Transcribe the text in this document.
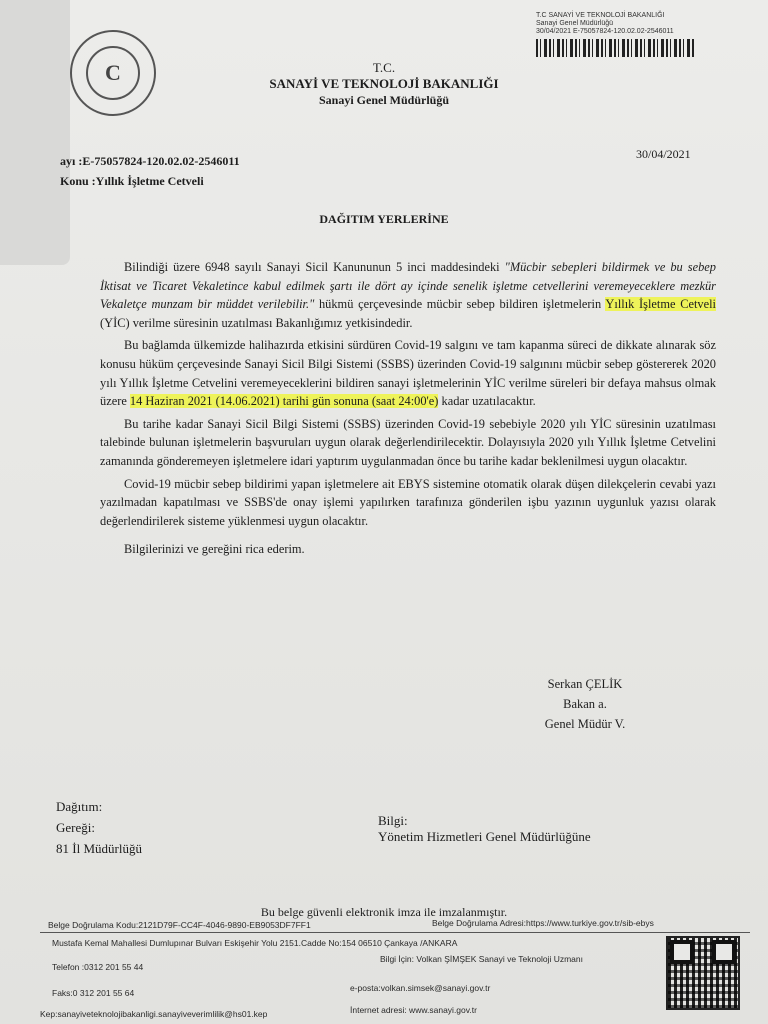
C
T.C SANAYİ VE TEKNOLOJİ BAKANLIĞI
Sanayi Genel Müdürlüğü
30/04/2021 E-75057824-120.02.02-2546011
T.C.
SANAYİ VE TEKNOLOJİ BAKANLIĞI
Sanayi Genel Müdürlüğü
30/04/2021
ayı :E-75057824-120.02.02-2546011
Konu :Yıllık İşletme Cetveli
DAĞITIM YERLERİNE

Bilindiği üzere 6948 sayılı Sanayi Sicil Kanununun 5 inci maddesindeki "Mücbir sebepleri bildirmek ve bu sebep İktisat ve Ticaret Vekaletince kabul edilmek şartı ile dört ay içinde senelik işletme cetvellerini veremeyeceklere mezkür Vekaletçe munzam bir müddet verilebilir." hükmü çerçevesinde mücbir sebep bildiren işletmelerin Yıllık İşletme Cetveli (YİC) verilme süresinin uzatılması Bakanlığımız yetkisindedir.

Bu bağlamda ülkemizde halihazırda etkisini sürdüren Covid-19 salgını ve tam kapanma süreci de dikkate alınarak söz konusu hüküm çerçevesinde Sanayi Sicil Bilgi Sistemi (SSBS) üzerinden Covid-19 salgınını mücbir sebep göstererek 2020 yılı Yıllık İşletme Cetvelini veremeyeceklerini bildiren sanayi işletmelerinin YİC verilme süreleri bir defaya mahsus olmak üzere 14 Haziran 2021 (14.06.2021) tarihi gün sonuna (saat 24:00'e) kadar uzatılacaktır.

Bu tarihe kadar Sanayi Sicil Bilgi Sistemi (SSBS) üzerinden Covid-19 sebebiyle 2020 yılı YİC süresinin uzatılması talebinde bulunan işletmelerin başvuruları uygun olarak değerlendirilecektir. Dolayısıyla 2020 yılı Yıllık İşletme Cetvelini zamanında gönderemeyen işletmelere idari yaptırım uygulanmadan önce bu tarihe kadar beklenilmesi uygun olacaktır.

Covid-19 mücbir sebep bildirimi yapan işletmelere ait EBYS sistemine otomatik olarak düşen dilekçelerin cevabi yazı yazılmadan kapatılması ve SSBS'de onay işlemi yapılırken tarafınıza gönderilen işbu yazının uygunluk yazısı olarak değerlendirilerek sisteme yüklenmesi uygun olacaktır.

Bilgilerinizi ve gereğini rica ederim.

Serkan ÇELİK
Bakan a.
Genel Müdür V.
Dağıtım:
Gereği:
81 İl Müdürlüğü
Bilgi:
Yönetim Hizmetleri Genel Müdürlüğüne
Bu belge güvenli elektronik imza ile imzalanmıştır.
Belge Doğrulama Kodu:2121D79F-CC4F-4046-9890-EB9053DF7FF1	Belge Doğrulama Adresi:https://www.turkiye.gov.tr/sib-ebys
Mustafa Kemal Mahallesi Dumlupınar Bulvarı Eskişehir Yolu 2151.Cadde No:154 06510 Çankaya /ANKARA
Bilgi İçin: Volkan ŞİMŞEK Sanayi ve Teknoloji Uzmanı
Telefon :0312 201 55 44
Faks:0 312 201 55 64	e-posta:volkan.simsek@sanayi.gov.tr
Kep:sanayiveteknolojibakanligi.sanayiveverimlilik@hs01.kep	İnternet adresi: www.sanayi.gov.tr
